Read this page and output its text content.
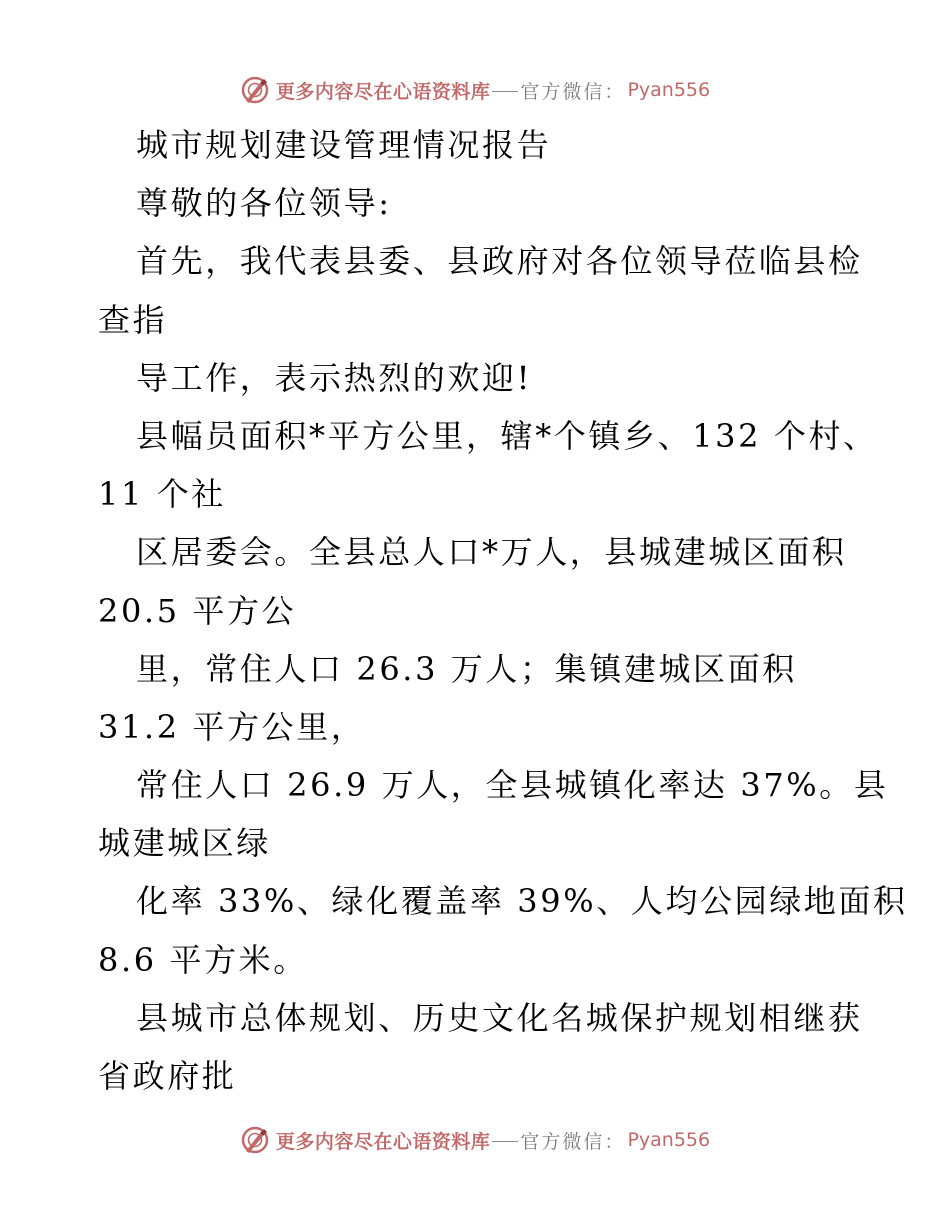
更多内容尽在心语资料库 官方微信： Pyan556
城市规划建设管理情况报告
尊敬的各位领导:
首先，我代表县委、县政府对各位领导莅临县检
查指
导工作，表示热烈的欢迎!
县幅员面积*平方公里，辖*个镇乡、132 个村、
11 个社
区居委会。全县总人口*万人，县城建城区面积
20.5 平方公
里，常住人口 26.3 万人；集镇建城区面积
31.2 平方公里，
常住人口 26.9 万人，全县城镇化率达 37%。县
城建城区绿
化率 33%、绿化覆盖率 39%、人均公园绿地面积
8.6 平方米。
县城市总体规划、历史文化名城保护规划相继获
省政府批
更多内容尽在心语资料库 官方微信： Pyan556
